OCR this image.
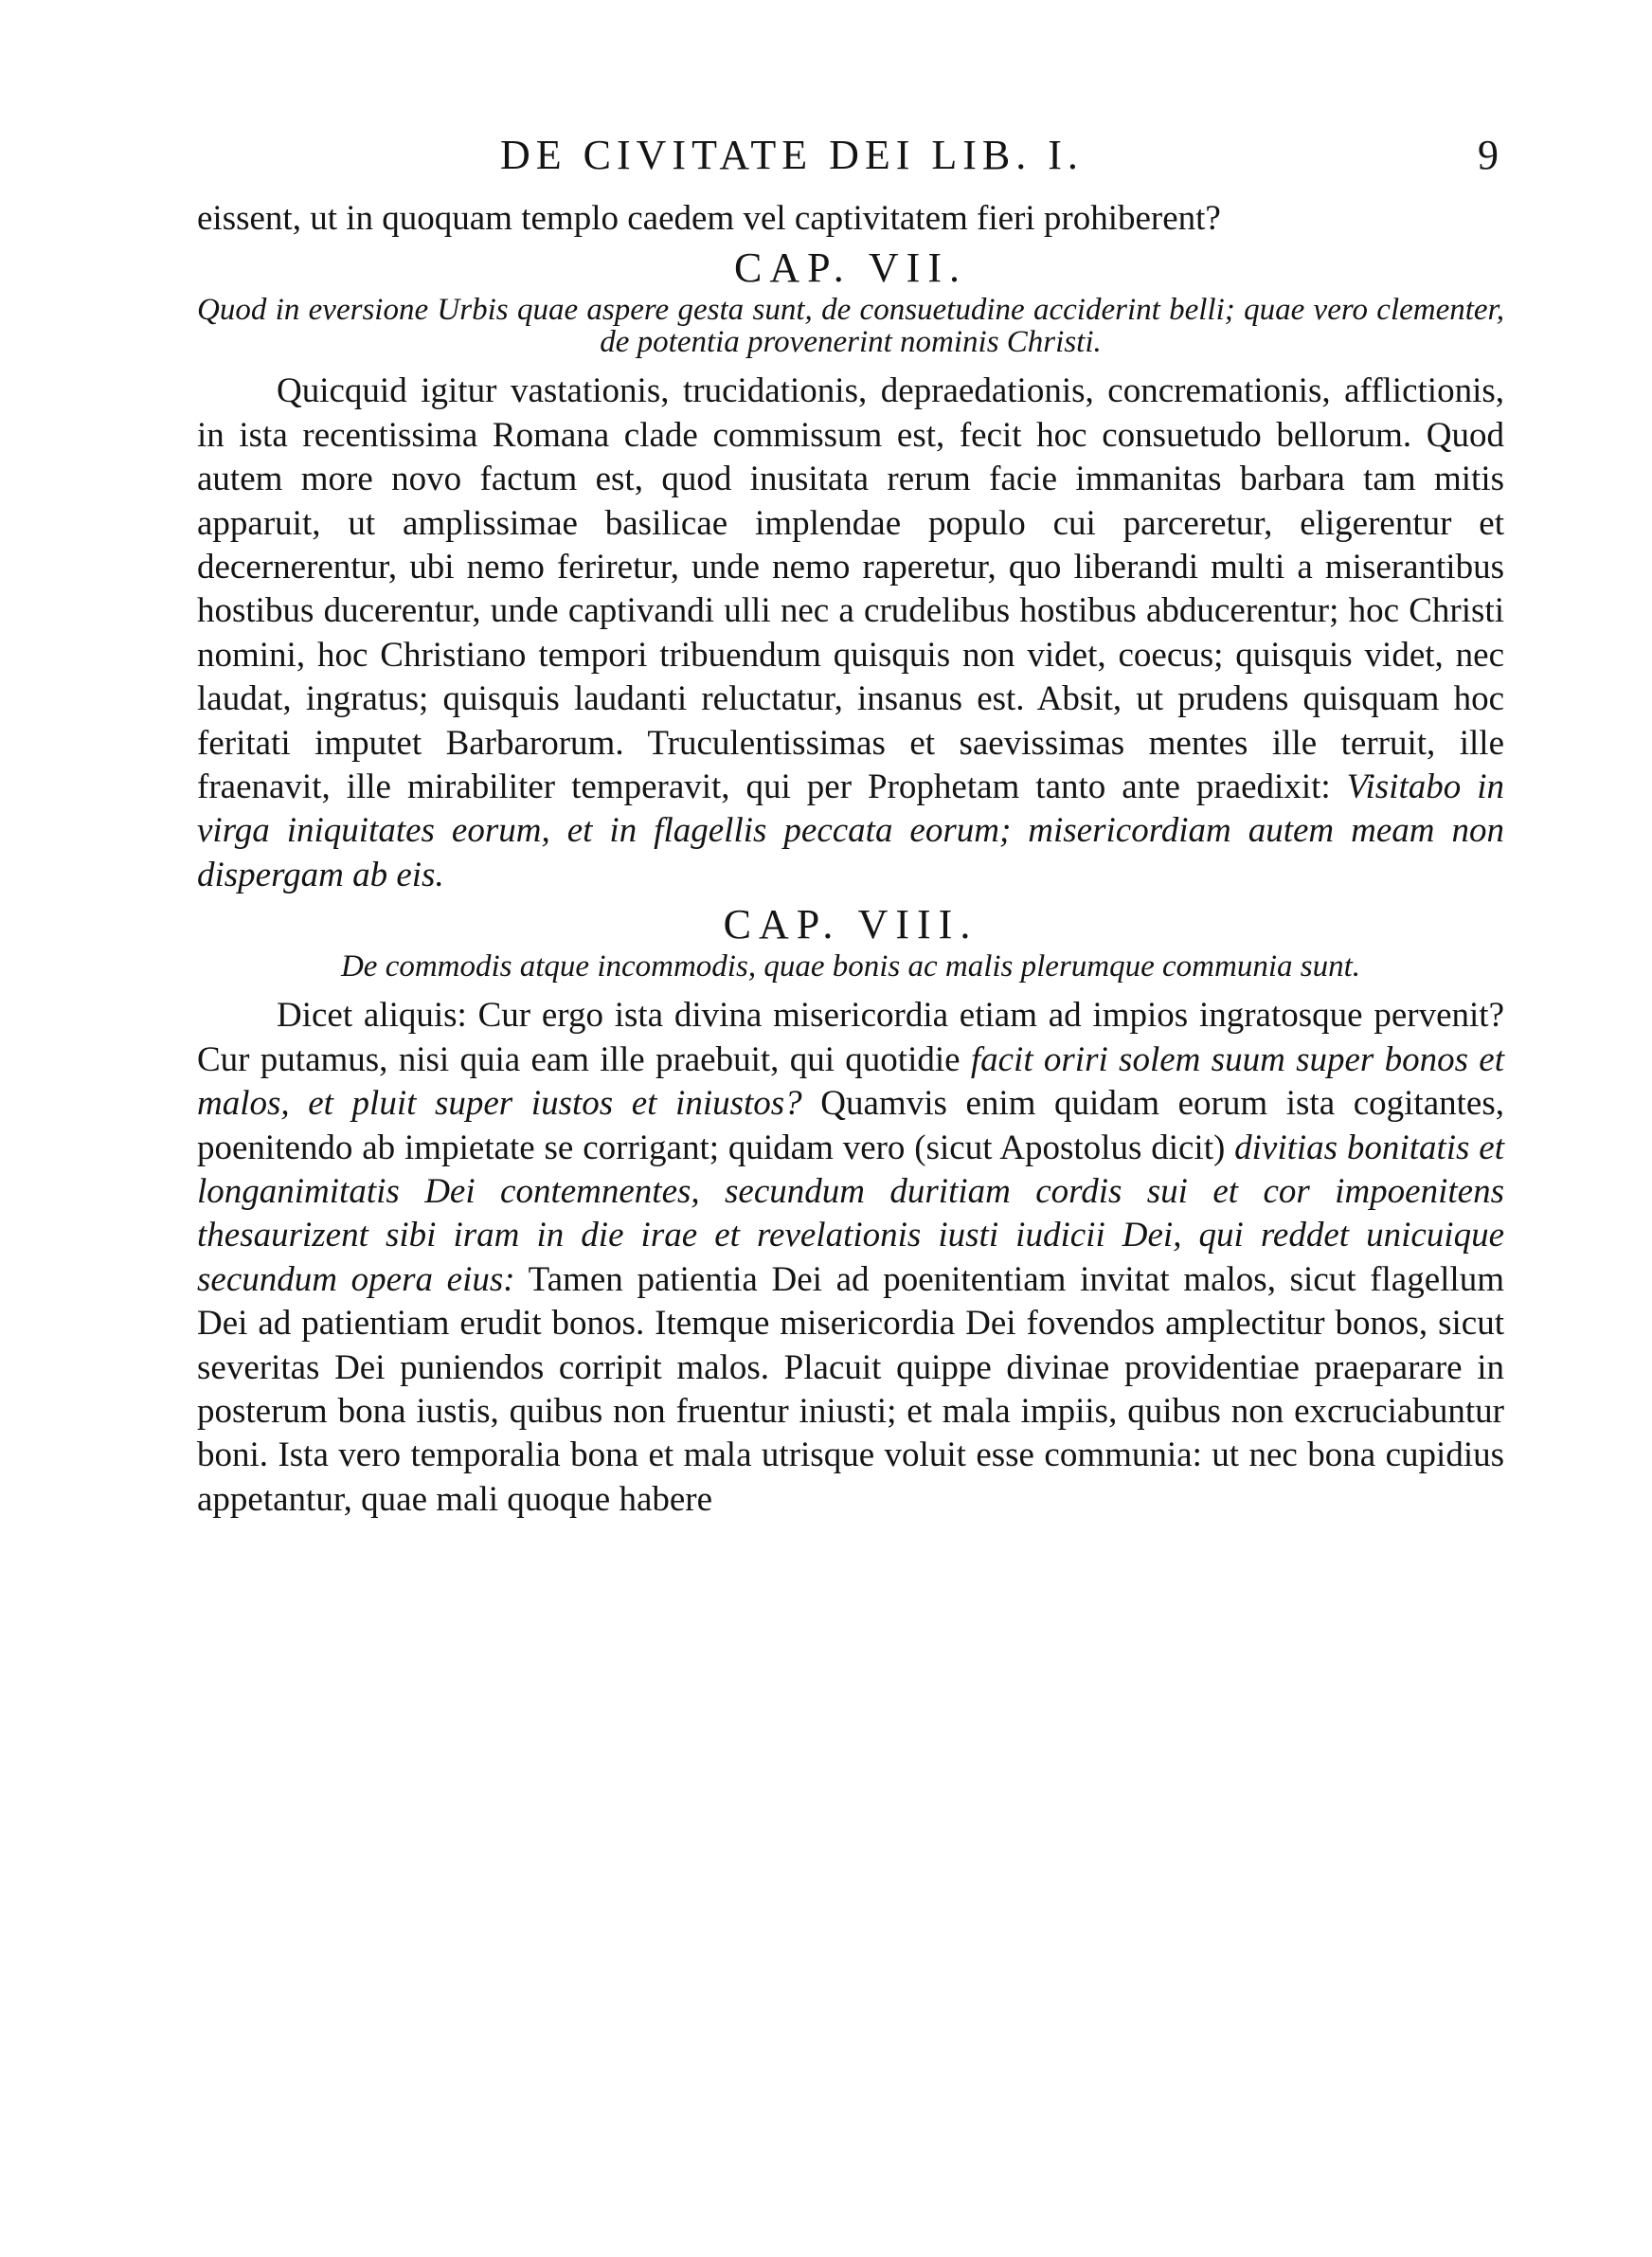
DE CIVITATE DEI LIB. I.	9

eissent, ut in quoquam templo caedem vel captivitatem fieri prohiberent?

CAP. VII.

Quod in eversione Urbis quae aspere gesta sunt, de consuetudine acciderint belli; quae vero clementer, de potentia provenerint nominis Christi.

Quicquid igitur vastationis, trucidationis, depraedationis, concremationis, afflictionis, in ista recentissima Romana clade commissum est, fecit hoc consuetudo bellorum. Quod autem more novo factum est, quod inusitata rerum facie immanitas barbara tam mitis apparuit, ut amplissimae basilicae implendae populo cui parceretur, eligerentur et decernerentur, ubi nemo feriretur, unde nemo raperetur, quo liberandi multi a miserantibus hostibus ducerentur, unde captivandi ulli nec a crudelibus hostibus abducerentur; hoc Christi nomini, hoc Christiano tempori tribuendum quisquis non videt, coecus; quisquis videt, nec laudat, ingratus; quisquis laudanti reluctatur, insanus est. Absit, ut prudens quisquam hoc feritati imputet Barbarorum. Truculentissimas et saevissimas mentes ille terruit, ille fraenavit, ille mirabiliter temperavit, qui per Prophetam tanto ante praedixit: Visitabo in virga iniquitates eorum, et in flagellis peccata eorum; misericordiam autem meam non dispergam ab eis.

CAP. VIII.

De commodis atque incommodis, quae bonis ac malis plerumque communia sunt.

Dicet aliquis: Cur ergo ista divina misericordia etiam ad impios ingratosque pervenit? Cur putamus, nisi quia eam ille praebuit, qui quotidie facit oriri solem suum super bonos et malos, et pluit super iustos et iniustos? Quamvis enim quidam eorum ista cogitantes, poenitendo ab impietate se corrigant; quidam vero (sicut Apostolus dicit) divitias bonitatis et longanimitatis Dei contemnentes, secundum duritiam cordis sui et cor impoenitens thesaurizent sibi iram in die irae et revelationis iusti iudicii Dei, qui reddet unicuique secundum opera eius: Tamen patientia Dei ad poenitentiam invitat malos, sicut flagellum Dei ad patientiam erudit bonos. Itemque misericordia Dei fovendos amplectitur bonos, sicut severitas Dei puniendos corripit malos. Placuit quippe divinae providentiae praeparare in posterum bona iustis, quibus non fruentur iniusti; et mala impiis, quibus non excruciabuntur boni. Ista vero temporalia bona et mala utrisque voluit esse communia: ut nec bona cupidius appetantur, quae mali quoque habere
